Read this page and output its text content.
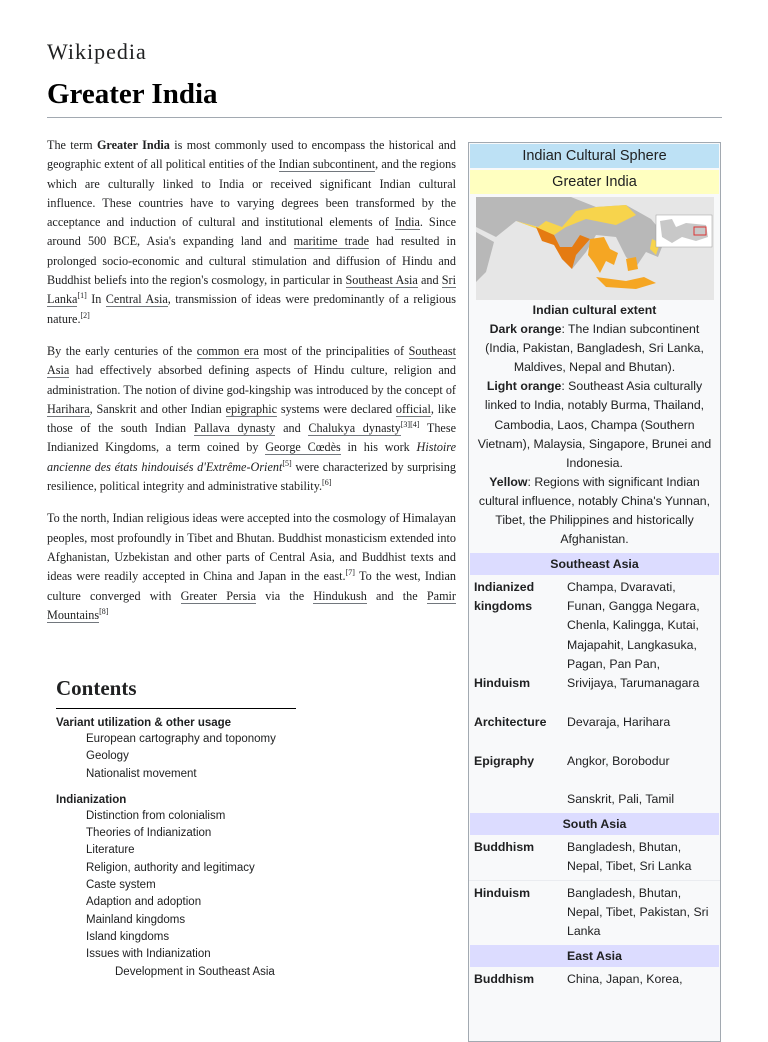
Wikipedia
Greater India

The term Greater India is most commonly used to encompass the historical and geographic extent of all political entities of the Indian subcontinent, and the regions which are culturally linked to India or received significant Indian cultural influence. These countries have to varying degrees been transformed by the acceptance and induction of cultural and institutional elements of India. Since around 500 BCE, Asia's expanding land and maritime trade had resulted in prolonged socio-economic and cultural stimulation and diffusion of Hindu and Buddhist beliefs into the region's cosmology, in particular in Southeast Asia and Sri Lanka[1] In Central Asia, transmission of ideas were predominantly of a religious nature.[2]

By the early centuries of the common era most of the principalities of Southeast Asia had effectively absorbed defining aspects of Hindu culture, religion and administration. The notion of divine god-kingship was introduced by the concept of Harihara, Sanskrit and other Indian epigraphic systems were declared official, like those of the south Indian Pallava dynasty and Chalukya dynasty[3][4] These Indianized Kingdoms, a term coined by George Cœdès in his work Histoire ancienne des états hindouisés d'Extrême-Orient[5] were characterized by surprising resilience, political integrity and administrative stability.[6]

To the north, Indian religious ideas were accepted into the cosmology of Himalayan peoples, most profoundly in Tibet and Bhutan. Buddhist monasticism extended into Afghanistan, Uzbekistan and other parts of Central Asia, and Buddhist texts and ideas were readily accepted in China and Japan in the east.[7] To the west, Indian culture converged with Greater Persia via the Hindukush and the Pamir Mountains[8]

Contents
Variant utilization & other usage
European cartography and toponomy
Geology
Nationalist movement
Indianization
Distinction from colonialism
Theories of Indianization
Literature
Religion, authority and legitimacy
Caste system
Adaption and adoption
Mainland kingdoms
Island kingdoms
Issues with Indianization
Development in Southeast Asia
Indian Cultural Sphere
Greater India
Indian cultural extent
Dark orange: The Indian subcontinent (India, Pakistan, Bangladesh, Sri Lanka, Maldives, Nepal and Bhutan).
Light orange: Southeast Asia culturally linked to India, notably Burma, Thailand, Cambodia, Laos, Champa (Southern Vietnam), Malaysia, Singapore, Brunei and Indonesia.
Yellow: Regions with significant Indian cultural influence, notably China's Yunnan, Tibet, the Philippines and historically Afghanistan.
Southeast Asia
Indianized kingdoms
Champa, Dvaravati, Funan, Gangga Negara, Chenla, Kalingga, Kutai, Majapahit, Langkasuka, Pagan, Pan Pan,
Hinduism	Srivijaya, Tarumanagara
Architecture	Devaraja, Harihara
Epigraphy	Angkor, Borobodur
Sanskrit, Pali, Tamil
South Asia
Buddhism	Bangladesh, Bhutan, Nepal, Tibet, Sri Lanka
Hinduism	Bangladesh, Bhutan, Nepal, Tibet, Pakistan, Sri Lanka
East Asia
Buddhism	China, Japan, Korea,
